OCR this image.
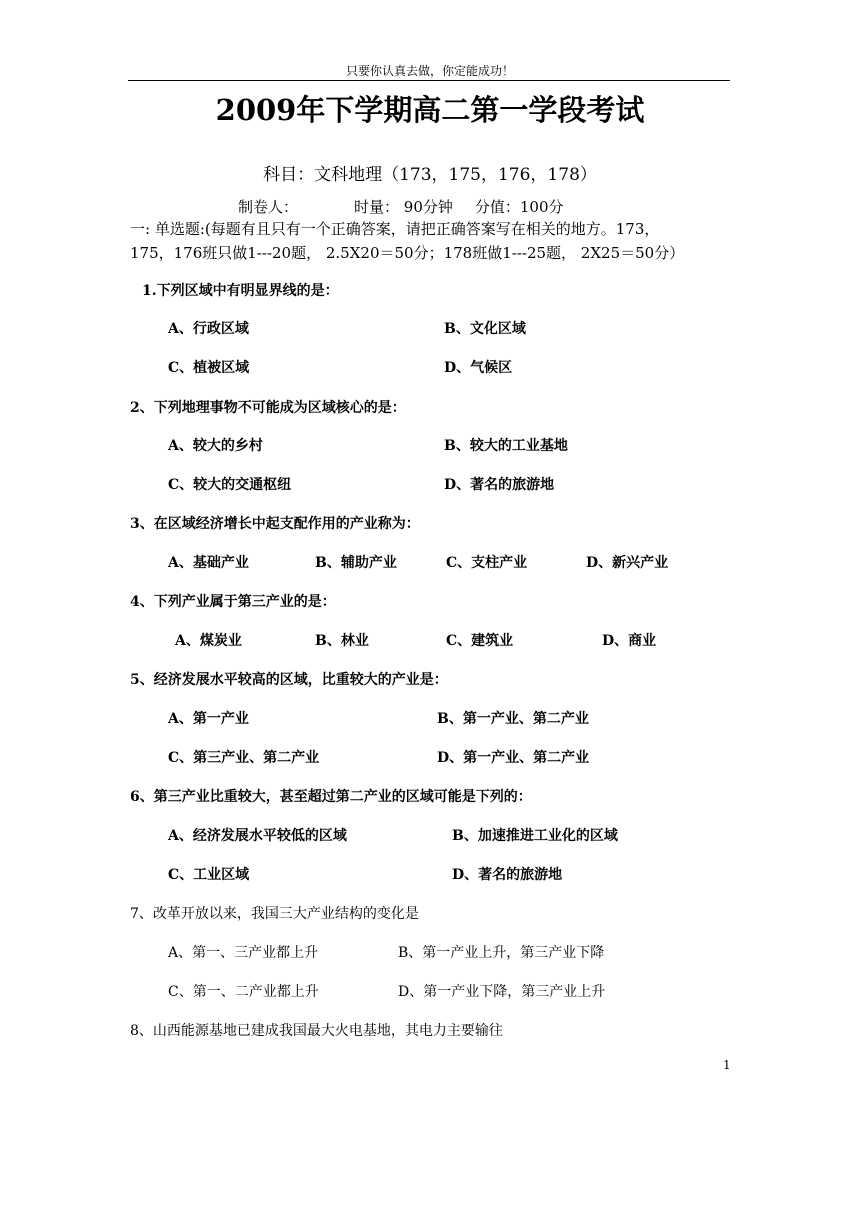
只要你认真去做，你定能成功！
2009年下学期高二第一学段考试
科目：文科地理（173，175，176，178）
制卷人：	时量： 90分钟 分值：100分
一: 单选题:(每题有且只有一个正确答案，请把正确答案写在相关的地方。173，
175，176班只做1---20题， 2.5X20＝50分；178班做1---25题， 2X25＝50分）
1.下列区域中有明显界线的是：
A、行政区域	B、文化区域
C、植被区域	D、气候区
2、下列地理事物不可能成为区域核心的是：
A、较大的乡村	B、较大的工业基地
C、较大的交通枢纽	D、著名的旅游地
3、在区域经济增长中起支配作用的产业称为：
A、基础产业	B、辅助产业	C、支柱产业	D、新兴产业
4、下列产业属于第三产业的是：
A、煤炭业	B、林业	C、建筑业	D、商业
5、经济发展水平较高的区域，比重较大的产业是：
A、第一产业	B、第一产业、第二产业
C、第三产业、第二产业	D、第一产业、第二产业
6、第三产业比重较大，甚至超过第二产业的区域可能是下列的：
A、经济发展水平较低的区域	B、加速推进工业化的区域
C、工业区域	D、著名的旅游地
7、改革开放以来，我国三大产业结构的变化是
A、第一、三产业都上升	B、第一产业上升，第三产业下降
C、第一、二产业都上升	D、第一产业下降，第三产业上升
8、山西能源基地已建成我国最大火电基地，其电力主要输往
1
